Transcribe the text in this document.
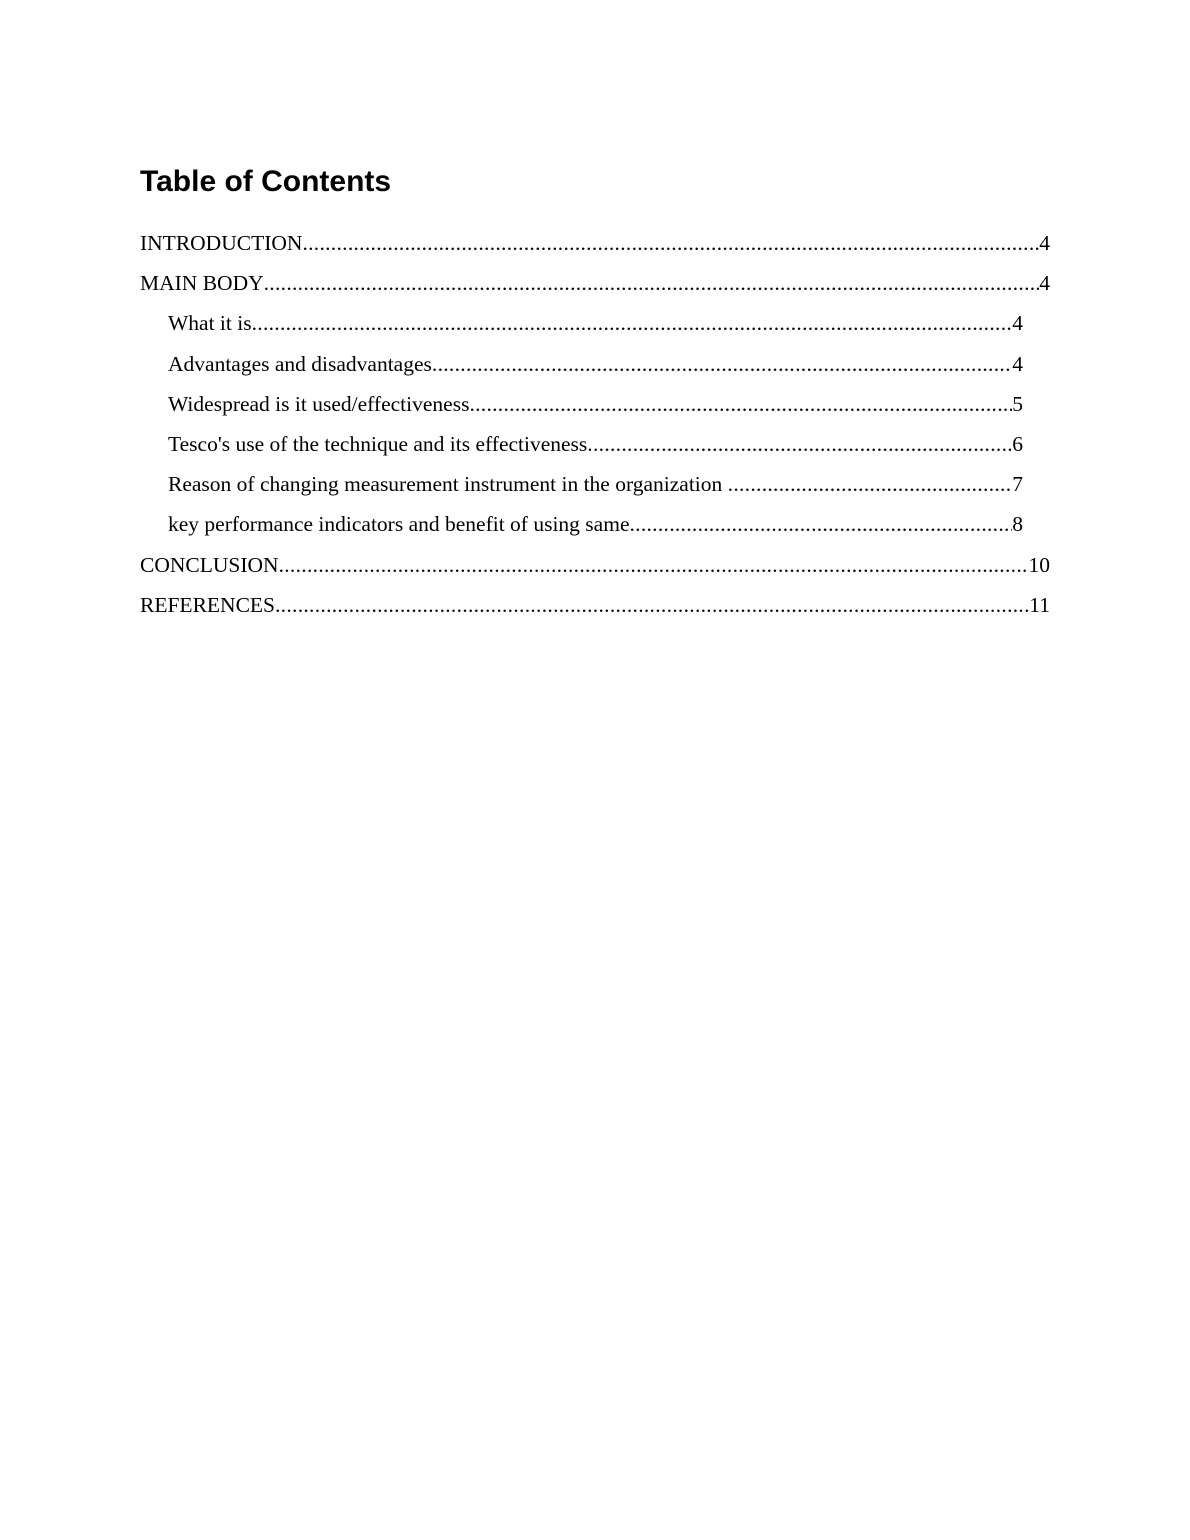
Table of Contents
INTRODUCTION .....	4
MAIN BODY .....	4
What it is .....	4
Advantages and disadvantages .....	4
Widespread is it used/effectiveness .....	5
Tesco's use of the technique and its effectiveness .....	6
Reason of changing measurement instrument in the organization .....	7
key performance indicators and benefit of using same .....	8
CONCLUSION .....	10
REFERENCES .....	11
